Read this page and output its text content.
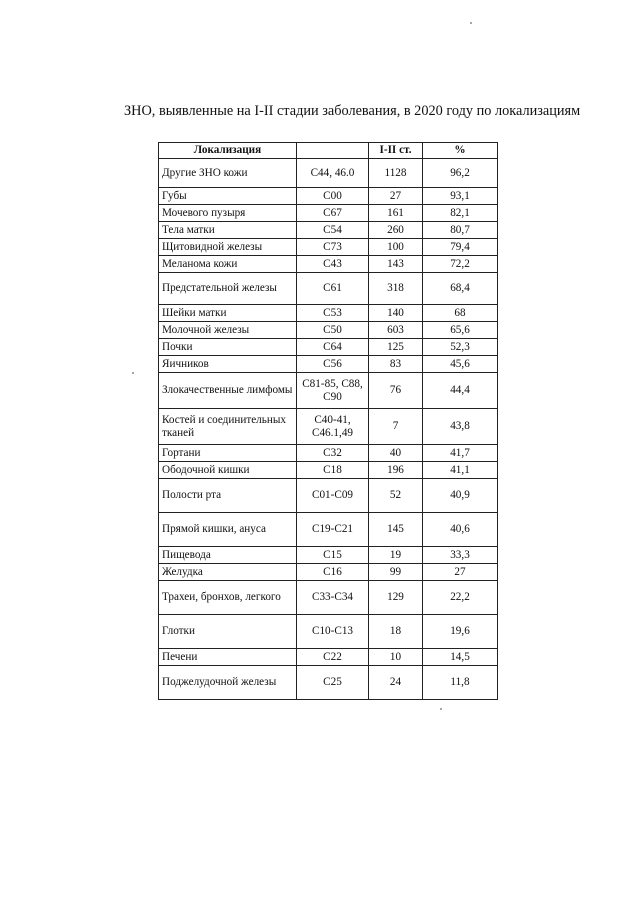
ЗНО, выявленные на I-II стадии заболевания, в 2020 году по локализациям
Локализация		I-II ст.	%
Другие ЗНО кожи	C44, 46.0	1128	96,2
Губы	C00	27	93,1
Мочевого пузыря	C67	161	82,1
Тела матки	C54	260	80,7
Щитовидной железы	C73	100	79,4
Меланома кожи	C43	143	72,2
Предстательной железы	C61	318	68,4
Шейки матки	C53	140	68
Молочной железы	C50	603	65,6
Почки	C64	125	52,3
Яичников	C56	83	45,6
Злокачественные лимфомы	C81-85, C88, C90	76	44,4
Костей и соединительных тканей	C40-41, C46.1,49	7	43,8
Гортани	C32	40	41,7
Ободочной кишки	C18	196	41,1
Полости рта	C01-C09	52	40,9
Прямой кишки, ануса	C19-C21	145	40,6
Пищевода	C15	19	33,3
Желудка	C16	99	27
Трахеи, бронхов, легкого	C33-C34	129	22,2
Глотки	C10-C13	18	19,6
Печени	C22	10	14,5
Поджелудочной железы	C25	24	11,8
